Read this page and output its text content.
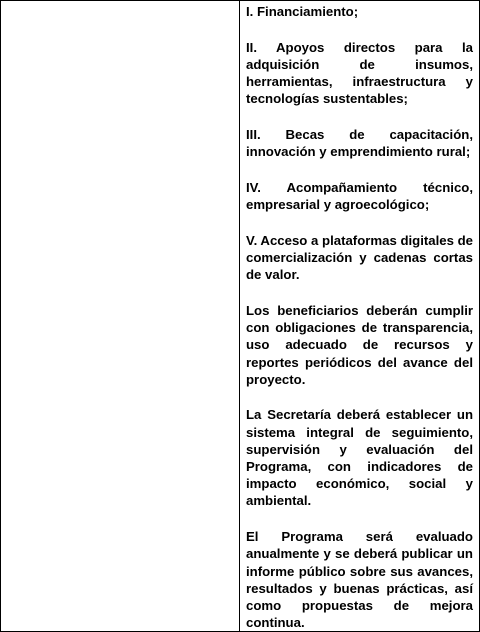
I. Financiamiento;

II. Apoyos directos para la adquisición de insumos, herramientas, infraestructura y tecnologías sustentables;

III. Becas de capacitación, innovación y emprendimiento rural;

IV. Acompañamiento técnico, empresarial y agroecológico;

V. Acceso a plataformas digitales de comercialización y cadenas cortas de valor.

Los beneficiarios deberán cumplir con obligaciones de transparencia, uso adecuado de recursos y reportes periódicos del avance del proyecto.

La Secretaría deberá establecer un sistema integral de seguimiento, supervisión y evaluación del Programa, con indicadores de impacto económico, social y ambiental.

El Programa será evaluado anualmente y se deberá publicar un informe público sobre sus avances, resultados y buenas prácticas, así como propuestas de mejora continua.
